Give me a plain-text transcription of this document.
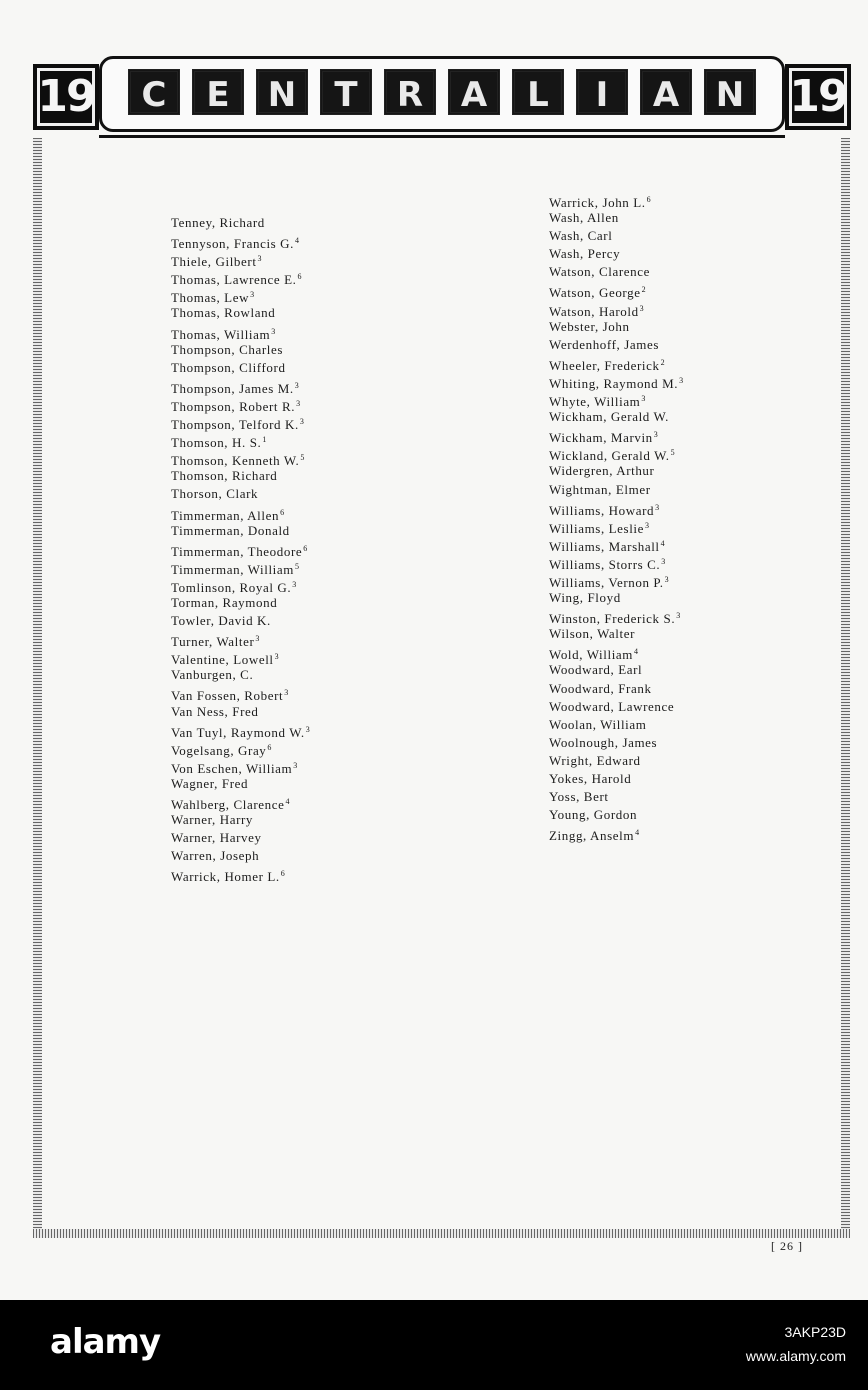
19	C	E	N	T	R	A	L	I	A	N 19
Tenney, Richard
Tennyson, Francis G.$^4$
Thiele, Gilbert$^3$
Thomas, Lawrence E.$^6$
Thomas, Lew$^3$
Thomas, Rowland
Thomas, William$^3$
Thompson, Charles
Thompson, Clifford
Thompson, James M.$^3$
Thompson, Robert R.$^3$
Thompson, Telford K.$^3$
Thomson, H. S.$^1$
Thomson, Kenneth W.$^5$
Thomson, Richard
Thorson, Clark
Timmerman, Allen$^6$
Timmerman, Donald
Timmerman, Theodore$^6$
Timmerman, William$^5$
Tomlinson, Royal G.$^3$
Torman, Raymond
Towler, David K.
Turner, Walter$^3$
Valentine, Lowell$^3$
Vanburgen, C.
Van Fossen, Robert$^3$
Van Ness, Fred
Van Tuyl, Raymond W.$^3$
Vogelsang, Gray$^6$
Von Eschen, William$^3$
Wagner, Fred
Wahlberg, Clarence$^4$
Warner, Harry
Warner, Harvey
Warren, Joseph
Warrick, Homer L.$^6$
Warrick, John L.$^6$
Wash, Allen
Wash, Carl
Wash, Percy
Watson, Clarence
Watson, George$^2$
Watson, Harold$^3$
Webster, John
Werdenhoff, James
Wheeler, Frederick$^2$
Whiting, Raymond M.$^3$
Whyte, William$^3$
Wickham, Gerald W.
Wickham, Marvin$^3$
Wickland, Gerald W.$^5$
Widergren, Arthur
Wightman, Elmer
Williams, Howard$^3$
Williams, Leslie$^3$
Williams, Marshall$^4$
Williams, Storrs C.$^3$
Williams, Vernon P.$^3$
Wing, Floyd
Winston, Frederick S.$^3$
Wilson, Walter
Wold, William$^4$
Woodward, Earl
Woodward, Frank
Woodward, Lawrence
Woolan, William
Woolnough, James
Wright, Edward
Yokes, Harold
Yoss, Bert
Young, Gordon
Zingg, Anselm$^4$
[ 26 ]
alamy	3AKP23D
www.alamy.com
